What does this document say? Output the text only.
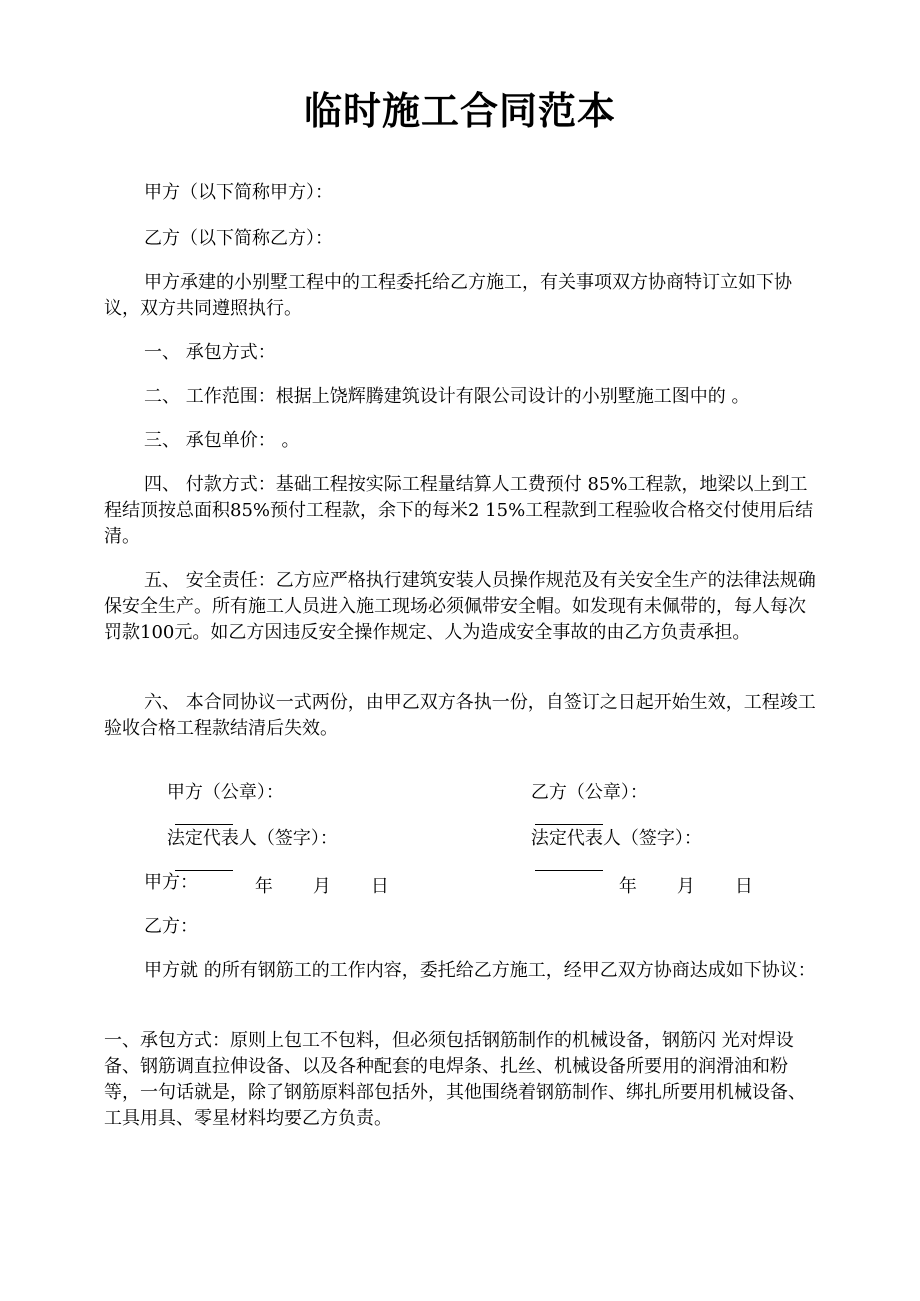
临时施工合同范本

甲方（以下简称甲方）：

乙方（以下简称乙方）：

甲方承建的小别墅工程中的工程委托给乙方施工，有关事项双方协商特订立如下协议，双方共同遵照执行。

一、 承包方式：

二、 工作范围：根据上饶辉腾建筑设计有限公司设计的小别墅施工图中的 。

三、 承包单价： 。

四、 付款方式：基础工程按实际工程量结算人工费预付 85%工程款，地梁以上到工程结顶按总面积85%预付工程款，余下的每米2 15%工程款到工程验收合格交付使用后结清。

五、 安全责任：乙方应严格执行建筑安装人员操作规范及有关安全生产的法律法规确保安全生产。所有施工人员进入施工现场必须佩带安全帽。如发现有未佩带的，每人每次罚款100元。如乙方因违反安全操作规定、人为造成安全事故的由乙方负责承担。

六、 本合同协议一式两份，由甲乙双方各执一份，自签订之日起开始生效，工程竣工验收合格工程款结清后失效。

甲方（公章）：

	乙方（公章）：

法定代表人（签字）：

	法定代表人（签字）：

年 月 日
	年 月 日

甲方：
乙方：

甲方就 的所有钢筋工的工作内容，委托给乙方施工，经甲乙双方协商达成如下协议：

一、承包方式：原则上包工不包料，但必须包括钢筋制作的机械设备，钢筋闪 光对焊设备、钢筋调直拉伸设备、以及各种配套的电焊条、扎丝、机械设备所要用的润滑油和粉等，一句话就是，除了钢筋原料部包括外，其他围绕着钢筋制作、绑扎所要用机械设备、工具用具、零星材料均要乙方负责。
